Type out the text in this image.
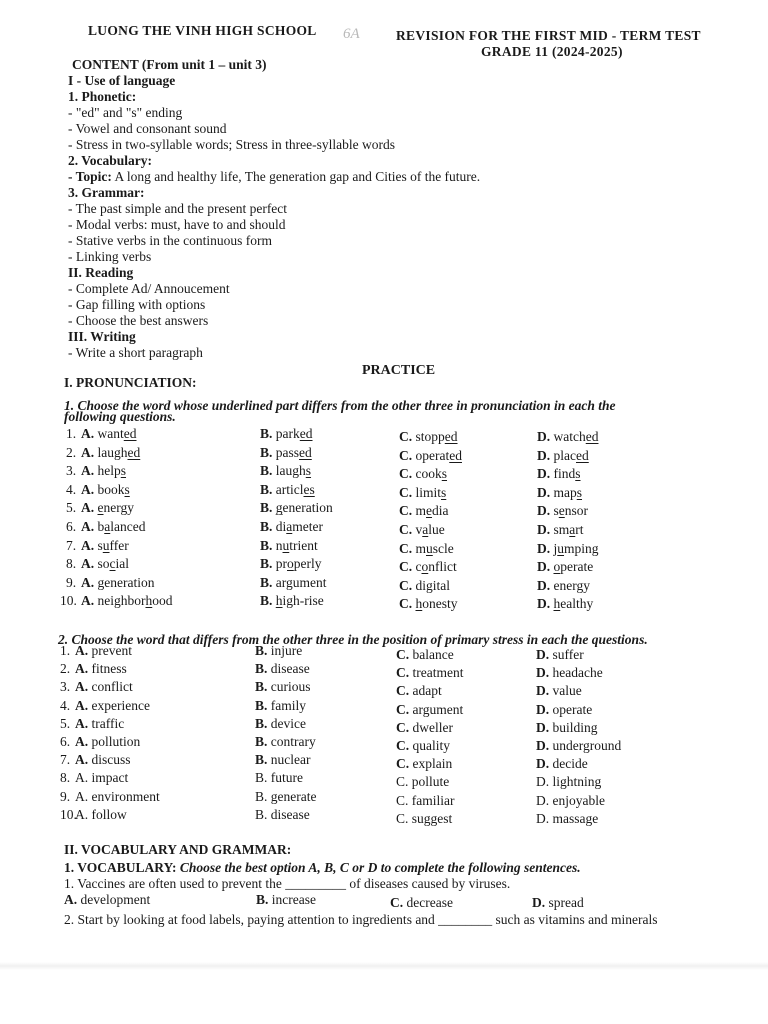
LUONG THE VINH HIGH SCHOOL 6A	REVISION FOR THE FIRST MID - TERM TEST
GRADE 11 (2024-2025)
CONTENT (From unit 1 – unit 3)
I - Use of language
1. Phonetic:
- "ed" and "s" ending
- Vowel and consonant sound
- Stress in two-syllable words; Stress in three-syllable words
2. Vocabulary:
- Topic: A long and healthy life, The generation gap and Cities of the future.
3. Grammar:
- The past simple and the present perfect
- Modal verbs: must, have to and should
- Stative verbs in the continuous form
- Linking verbs
II. Reading
- Complete Ad/ Annoucement
- Gap filling with options
- Choose the best answers
III. Writing
- Write a short paragraph
PRACTICE
I. PRONUNCIATION:
1. Choose the word whose underlined part differs from the other three in pronunciation in each the
following questions.
1. A. wanted	B. parked	C. stopped	D. watched
2. A. laughed	B. passed	C. operated	D. placed
3. A. helps	B. laughs	C. cooks	D. finds
4. A. books	B. articles	C. limits	D. maps
5. A. energy	B. generation	C. media	D. sensor
6. A. balanced	B. diameter	C. value	D. smart
7. A. suffer	B. nutrient	C. muscle	D. jumping
8. A. social	B. properly	C. conflict	D. operate
9. A. generation	B. argument	C. digital	D. energy
10. A. neighborhood	B. high-rise	C. honesty	D. healthy
2. Choose the word that differs from the other three in the position of primary stress in each the questions.
1. A. prevent	B. injure	C. balance	D. suffer
2. A. fitness	B. disease	C. treatment	D. headache
3. A. conflict	B. curious	C. adapt	D. value
4. A. experience	B. family	C. argument	D. operate
5. A. traffic	B. device	C. dweller	D. building
6. A. pollution	B. contrary	C. quality	D. underground
7. A. discuss	B. nuclear	C. explain	D. decide
8. A. impact	B. future	C. pollute	D. lightning
9. A. environment	B. generate	C. familiar	D. enjoyable
10.
A. follow	B. disease	C. suggest	D. massage
II. VOCABULARY AND GRAMMAR:
1. VOCABULARY: Choose the best option A, B, C or D to complete the following sentences.
1. Vaccines are often used to prevent the _________ of diseases caused by viruses.
A. development	B. increase	C. decrease	D. spread
2. Start by looking at food labels, paying attention to ingredients and ________ such as vitamins and minerals
